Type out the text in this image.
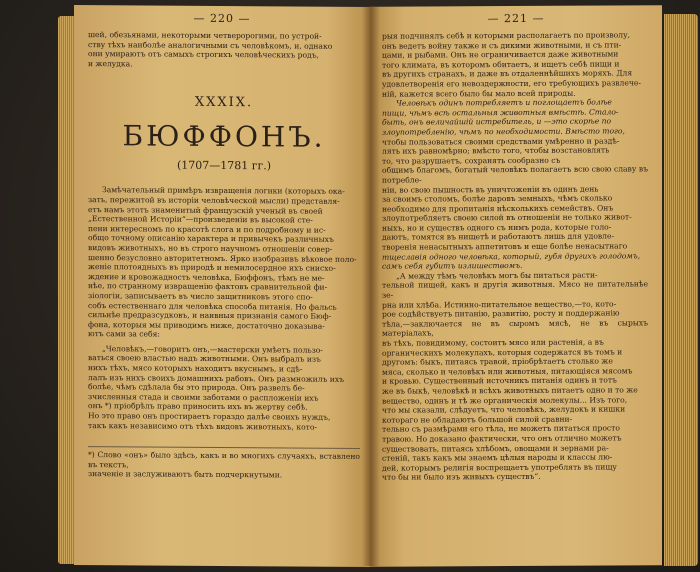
— 220 —

шей, обезьянами, некоторыми четверорогими, по устрой-

ству тѣхъ наиболѣе аналогичными съ человѣкомъ, и, однако

они умираютъ отъ самыхъ строгихъ человѣческихъ родъ,

и желудка.

XXXIX.
БЮФФОНЪ.
(1707—1781 гг.)

Замѣчательный примѣръ извращенія логики (которыхъ ока-

зать, пережитой въ исторіи человѣческой мысли) представля-

етъ намъ этотъ знаменитый французскій ученый въ своей

„Естественной Исторіи“—произведеніи въ высокой сте-

пени интересномъ по красотѣ слога и по подробному и ис-

общо точному описанію характера и привычекъ различныхъ

видовъ животныхъ, но въ строго научномъ отношеніи совер-

шенно безусловно авторитетномъ. Ярко изобразивъ вѣковое поло-

женіе плотоядныхъ въ природѣ и немилосердное ихъ снисхо-

ждение и кровожадность человѣка, Бюффонъ, тѣмъ не ме-

нѣе, по странному извращенію фактовъ сравнительной фи-

зіологіи, записываетъ въ число защитниковъ этого спо-

собъ естественнаго для человѣка способа питанія. Но фальсь

сильнѣе предразсудковъ, и наивныя признанія самого Бюф-

фона, которыя мы приводимъ ниже, достаточно доказыва-

ютъ сами за себя:

„Человѣкъ,—говоритъ онъ,—мастерски умѣетъ пользо-

ваться своею властью надъ животными. Онъ выбралъ изъ

нихъ тѣхъ, мясо которыхъ находитъ вкуснымъ, и сдѣ-

лалъ изъ нихъ своихъ домашнихъ рабовъ. Онъ размножилъ ихъ

болѣе, чѣмъ сдѣлала бы это природа. Онъ развелъ бе-

зчисленныя стада и своими заботами о распложеніи ихъ

онъ *) пріобрѣлъ право приносить ихъ въ жертву себѣ.

Но это право онъ простираетъ гораздо далѣе своихъ нуждъ,

такъ какъ независимо отъ тѣхъ видовъ животныхъ, кото-

*) Слово «онъ» было здѣсь, какъ и во многихъ случаяхъ, вставлено въ текстъ,

значеніе и заслуживаютъ быть подчеркнутыми.

— 221 —

рыя подчинялъ себѣ и которыми располагаетъ по произволу,

онъ ведетъ войну также и съ дикими животными, и съ пти-

цами, и рыбами. Онъ не ограничивается даже животными

того климата, въ которомъ обитаетъ, и ищетъ себѣ пищи и

въ другихъ странахъ, и даже въ отдаленнѣйшихъ моряхъ. Для

удовлетворенія его невоздержности, его требующихъ развлече-

ній, кажется всего было бы мало всей природы.

Человѣкъ одинъ потребляетъ и поглощаетъ болѣе

пищи, чѣмъ всѣ остальныя животныя вмѣстѣ. Стало-

быть, онъ величайшій истребитель, и —это скорѣе по

злоупотребленію, чѣмъ по необходимости. Вмѣсто того,

чтобы пользоваться своими средствами умѣренно и раздѣ-

лять ихъ равномѣрно; вмѣсто того, чтобы возстановлять

то, что разрушаетъ, сохранять сообразно съ

общимъ благомъ, богатый человѣкъ полагаетъ всю свою славу въ потребле-

ніи, во свою пышность въ уничтоженіи въ одинъ день

за своимъ столомъ, болѣе даровъ земныхъ, чѣмъ сколько

необходимо для пропитанія нѣсколькихъ семействъ. Онъ

злоупотребляетъ своею силой въ отношеніи не только живот-

ныхъ, но и существъ одного съ нимъ рода, которые голо-

даютъ, томятся въ нищетѣ и работаютъ лишь для удовле-

творенія ненасытныхъ аппетитовъ и еще болѣе ненасытнаго

тщеславія одного человѣка, который, губя другихъ голодомъ,

самъ себя губитъ излишествомъ.

„А между тѣмъ человѣкъ могъ бы питаться расти-

тельной пищей, какъ и другія животныя. Мясо не питательнѣе зе-

рна или хлѣба. Истинно-питательное вещество,—то, кото-

рое содѣйствуетъ питанію, развитію, росту и поддержанію

тѣла,—заключается не въ сыромъ мясѣ, не въ сырыхъ матеріалахъ,

въ тѣхъ, повидимому, состоитъ мясо или растенія, а въ

органическихъ молекулахъ, которыя содержатся въ томъ и

другомъ: быкъ, питаясь травой, пріобрѣтаетъ столько же

мяса, сколько и человѣкъ или животныя, питающіяся мясомъ

и кровью. Существенный источникъ питанія одинъ и тотъ

же въ быкѣ, человѣкѣ и всѣхъ животныхъ питаетъ одно и то же

вещество, одинъ и тѣ же органическія молекулы... Изъ того,

что мы сказали, слѣдуетъ, что человѣкъ, желудокъ и кишки

котораго не обладаютъ большой силой сравни-

тельно съ размѣрами его тѣла, не можетъ питаться просто

травою. Но доказано фактически, что онъ отлично можетъ

существовать, питаясь хлѣбомъ, овощами и зернами ра-

стеній, такъ какъ мы знаемъ цѣлыя народы и классы лю-

дей, которымъ религія воспрещаетъ употреблять въ пищу

что бы ни было изъ живыхъ существъ“.
